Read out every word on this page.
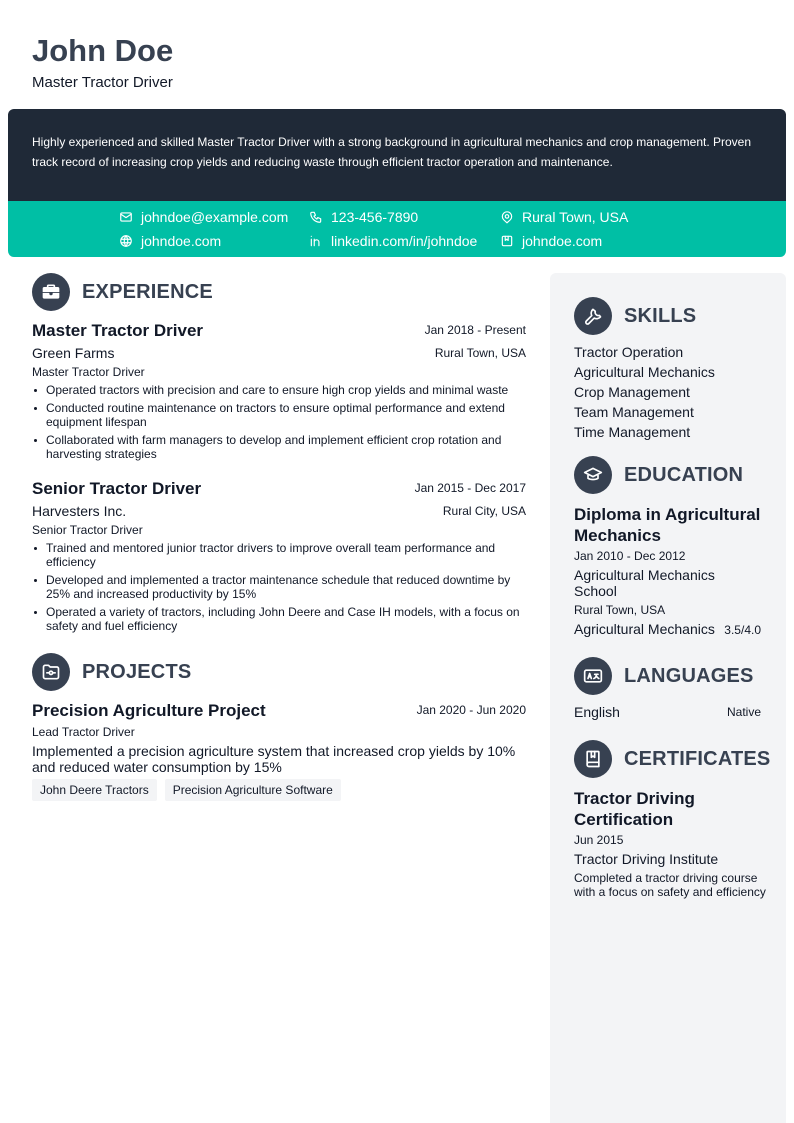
John Doe
Master Tractor Driver

Highly experienced and skilled Master Tractor Driver with a strong background in agricultural mechanics and crop management. Proven track record of increasing crop yields and reducing waste through efficient tractor operation and maintenance.

johndoe@example.com	123-456-7890	Rural Town, USA
johndoe.com	linkedin.com/in/johndoe	johndoe.com
EXPERIENCE
Master Tractor Driver	Jan 2018 - Present
Green Farms	Rural Town, USA
Master Tractor Driver
Operated tractors with precision and care to ensure high crop yields and minimal waste
Conducted routine maintenance on tractors to ensure optimal performance and extend equipment lifespan
Collaborated with farm managers to develop and implement efficient crop rotation and harvesting strategies
Senior Tractor Driver	Jan 2015 - Dec 2017
Harvesters Inc.	Rural City, USA
Senior Tractor Driver
Trained and mentored junior tractor drivers to improve overall team performance and efficiency
Developed and implemented a tractor maintenance schedule that reduced downtime by 25% and increased productivity by 15%
Operated a variety of tractors, including John Deere and Case IH models, with a focus on safety and fuel efficiency
PROJECTS
Precision Agriculture Project	Jan 2020 - Jun 2020
Lead Tractor Driver
Implemented a precision agriculture system that increased crop yields by 10% and reduced water consumption by 15%
John Deere Tractors	Precision Agriculture Software
SKILLS
Tractor Operation
Agricultural Mechanics
Crop Management
Team Management
Time Management
EDUCATION
Diploma in Agricultural Mechanics
Jan 2010 - Dec 2012
Agricultural Mechanics School
Rural Town, USA
Agricultural Mechanics 3.5/4.0
LANGUAGES
English	Native
CERTIFICATES
Tractor Driving Certification
Jun 2015
Tractor Driving Institute
Completed a tractor driving course with a focus on safety and efficiency
